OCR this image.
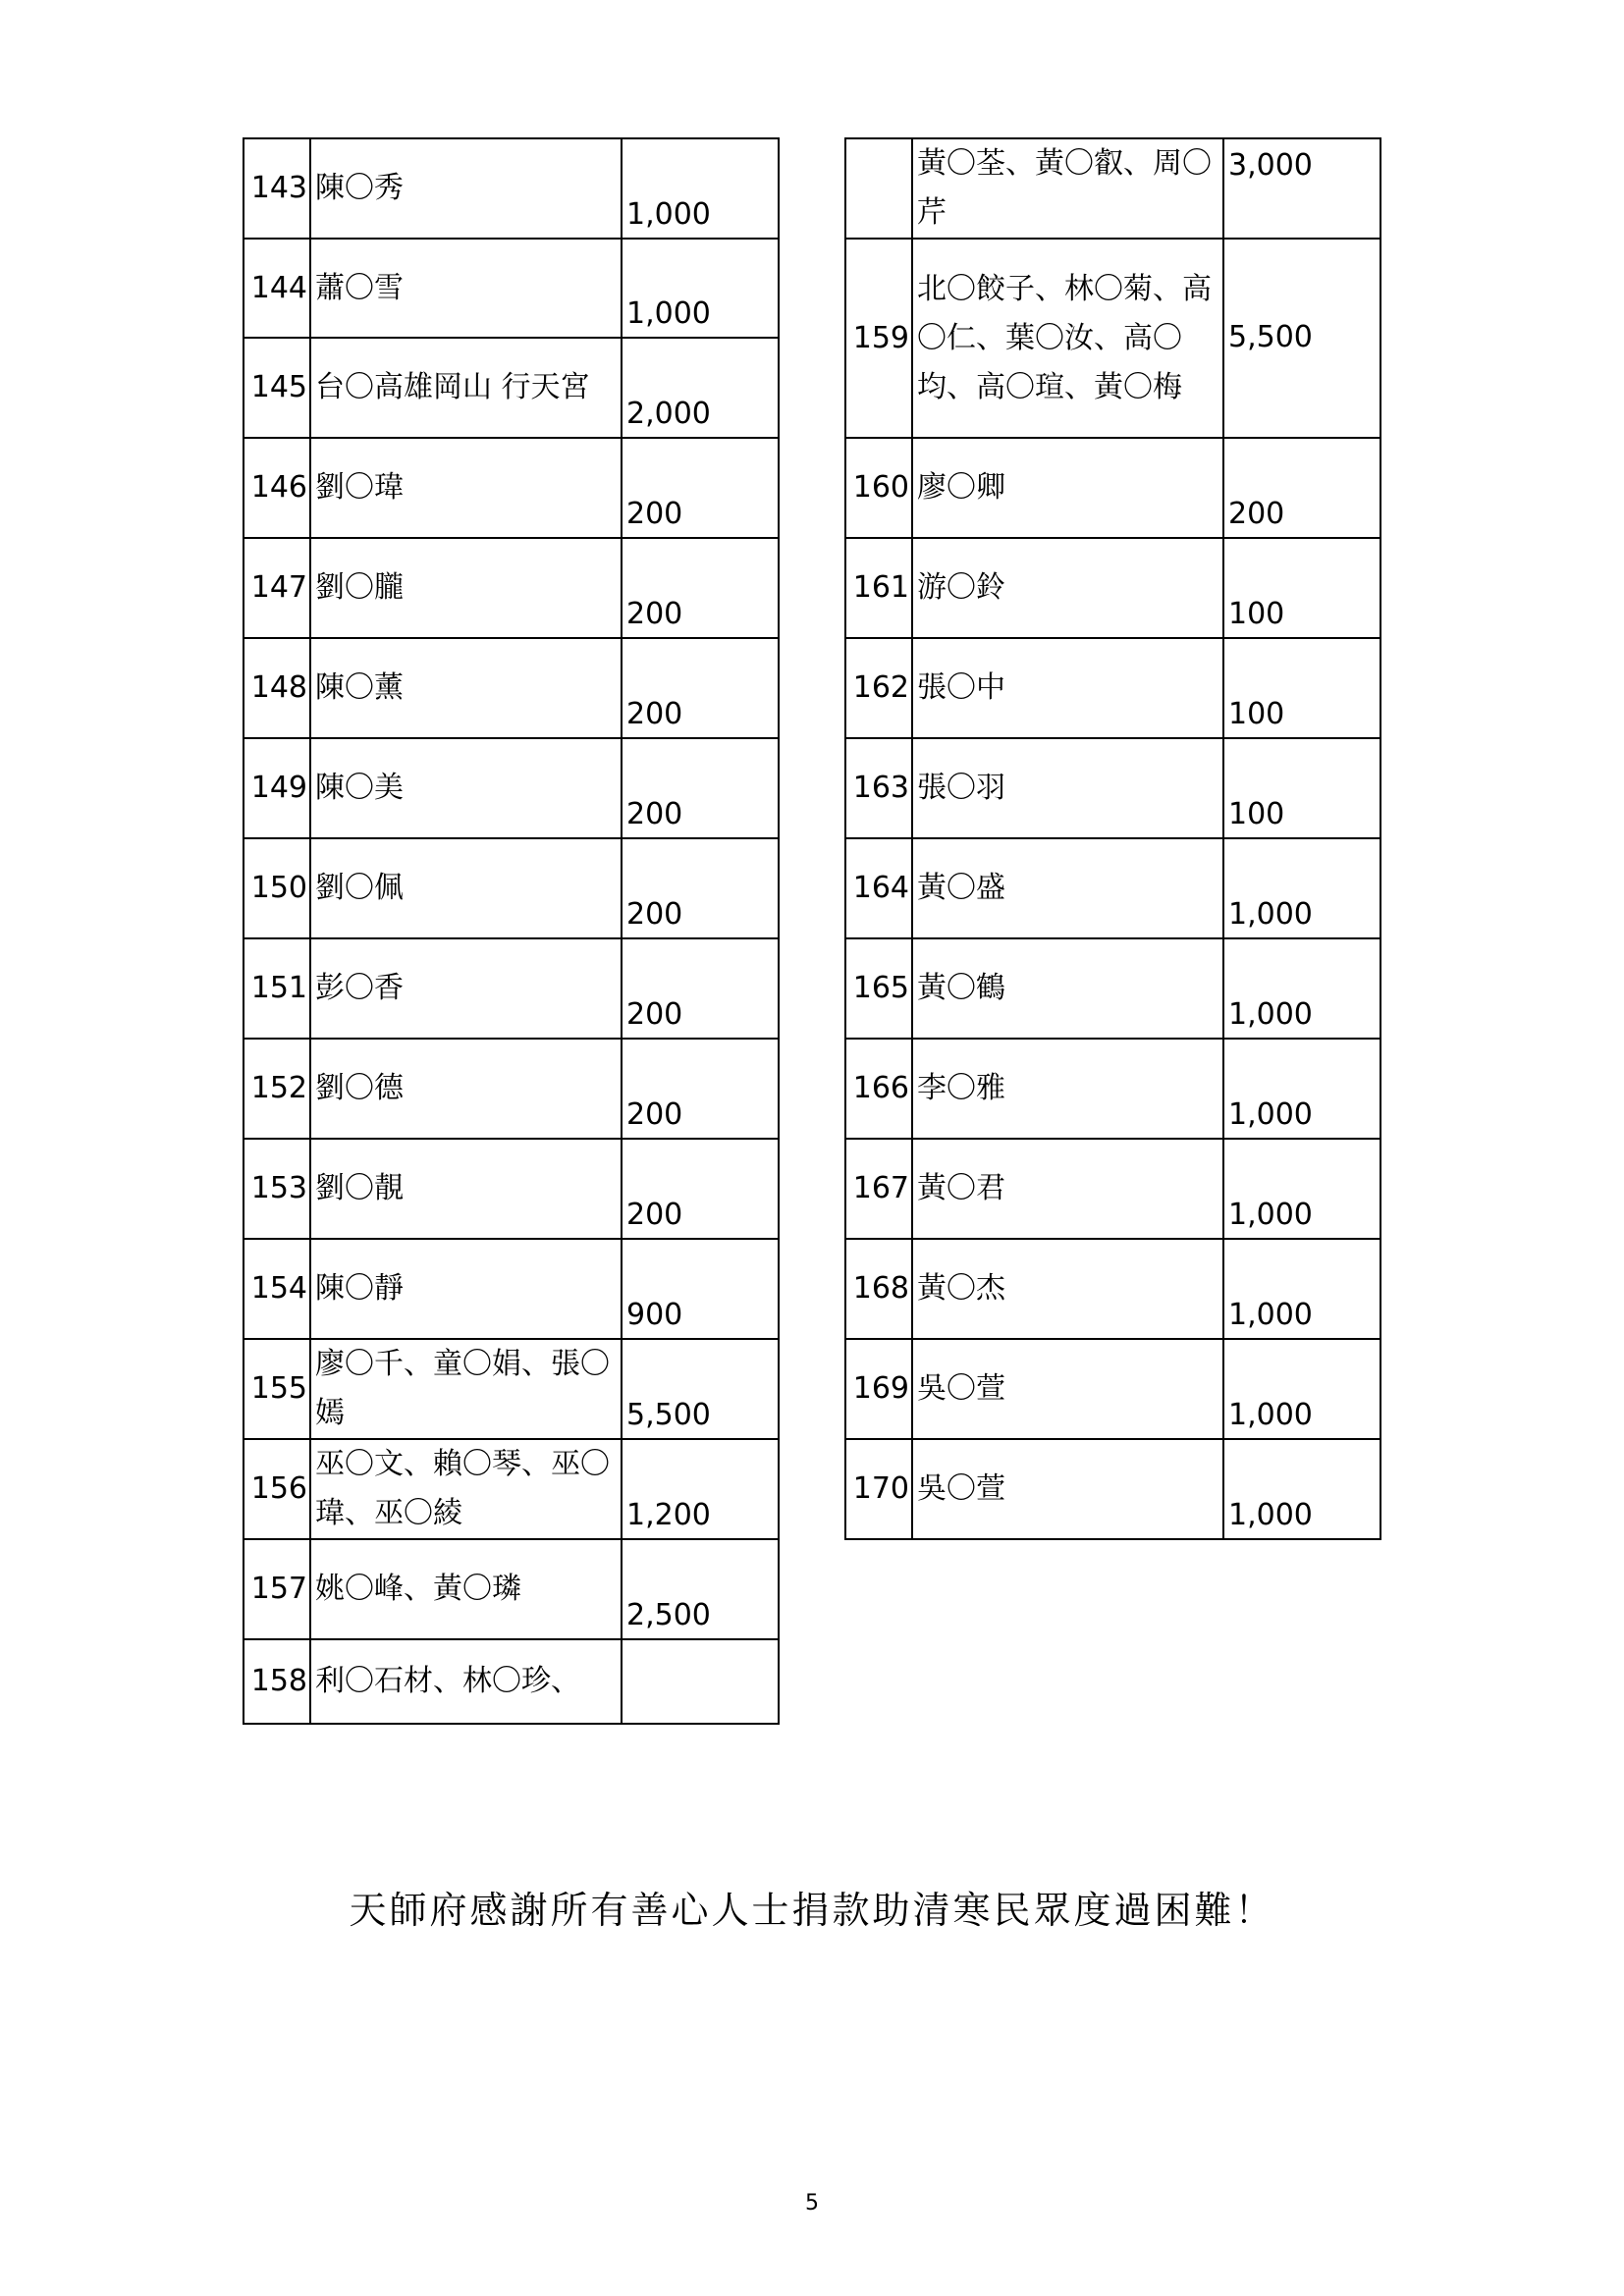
143	陳〇秀	1,000
144	蕭〇雪	1,000
145	台〇高雄岡山 行天宮	2,000
146	劉〇瑋	200
147	劉〇朧	200
148	陳〇薰	200
149	陳〇美	200
150	劉〇佩	200
151	彭〇香	200
152	劉〇德	200
153	劉〇靚	200
154	陳〇靜	900
155	廖〇千、童〇娟、張〇嫣	5,500
156	巫〇文、賴〇琴、巫〇瑋、巫〇綾	1,200
157	姚〇峰、黃〇璘	2,500
158	利〇石材、林〇珍、	
	黃〇荃、黃〇叡、周〇芹	3,000
159	北〇餃子、林〇菊、高〇仁、葉〇汝、高〇均、高〇瑄、黃〇梅	5,500
160	廖〇卿	200
161	游〇鈴	100
162	張〇中	100
163	張〇羽	100
164	黃〇盛	1,000
165	黃〇鶴	1,000
166	李〇雅	1,000
167	黃〇君	1,000
168	黃〇杰	1,000
169	吳〇萱	1,000
170	吳〇萱	1,000
天師府感謝所有善心人士捐款助清寒民眾度過困難！
5
